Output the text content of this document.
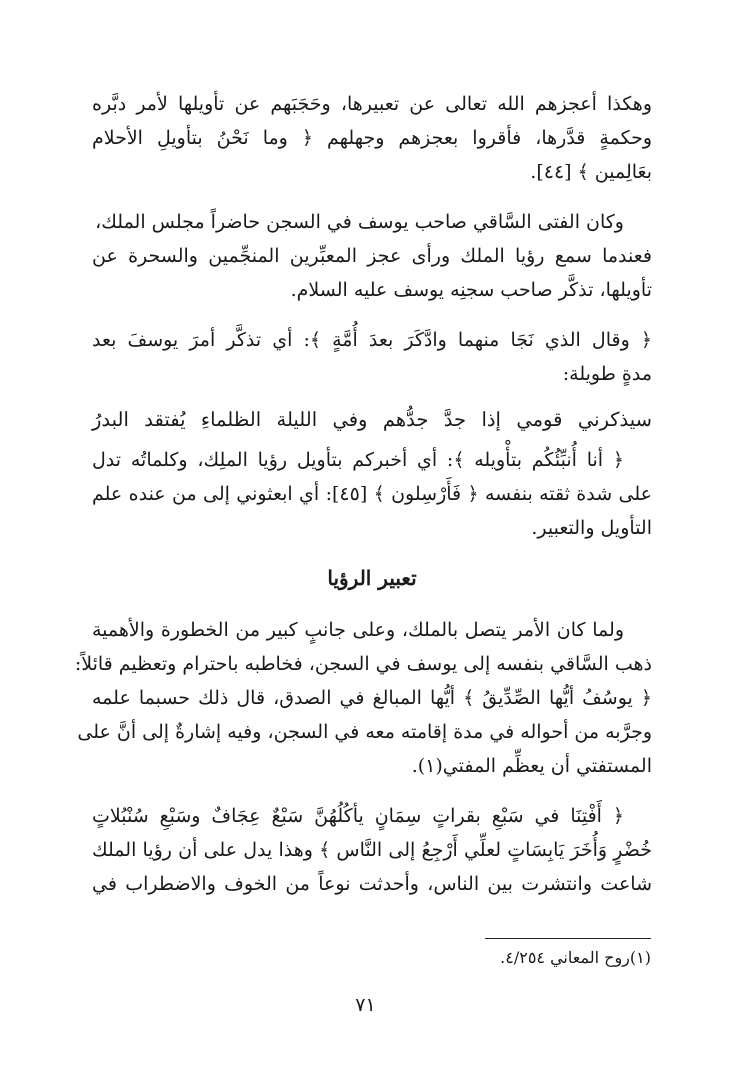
وهكذا أعجزهم الله تعالى عن تعبيرها، وحَجَبَهم عن تأويلها لأمر دبَّره
وحكمةٍ قدَّرها، فأقروا بعجزهم وجهلهم ﴿ وما نَحْنُ بتأويلِ الأحلام
بعَالِمين ﴾ [٤٤].
وكان الفتى السَّاقي صاحب يوسف في السجن حاضراً مجلس الملك،
فعندما سمع رؤيا الملك ورأى عجز المعبِّرين المنجِّمين والسحرة عن
تأويلها، تذكَّر صاحب سجنِه يوسف عليه السلام.
﴿ وقال الذي نَجَا منهما وادَّكَرَ بعدَ أُمَّةٍ ﴾: أي تذكَّر أمرَ يوسفَ بعد
مدةٍ طويلة:
سيذكرني قومي إذا جدَّ جدُّهم وفي الليلة الظلماءِ يُفتقد البدرُ
﴿ أنا أُنبِّئُكُم بتأْويله ﴾: أي أخبركم بتأويل رؤيا الملِك، وكلماتُه تدل
على شدة ثقته بنفسه ﴿ فَأَرْسِلون ﴾ [٤٥]: أي ابعثوني إلى من عنده علم
التأويل والتعبير.
تعبير الرؤيا
ولما كان الأمر يتصل بالملك، وعلى جانبٍ كبير من الخطورة والأهمية
ذهب السَّاقي بنفسه إلى يوسف في السجن، فخاطبه باحترام وتعظيم قائلاً:
﴿ يوسُفُ أيُّها الصِّدِّيقُ ﴾ أيُّها المبالغ في الصدق، قال ذلك حسبما علمه
وجرَّبه من أحواله في مدة إقامته معه في السجن، وفيه إشارةٌ إلى أنَّ على
المستفتي أن يعظِّم المفتي(١).
﴿ أَفْتِنَا في سَبْعِ بقراتٍ سِمَانٍ يأكُلُهُنَّ سَبْعٌ عِجَافٌ وسَبْعِ سُنْبُلاتٍ
خُضْرٍ وَأُخَرَ يَابِسَاتٍ لعلِّي أَرْجِعُ إلى النَّاس ﴾ وهذا يدل على أن رؤيا الملك
شاعت وانتشرت بين الناس، وأحدثت نوعاً من الخوف والاضطراب في
(١)روح المعاني ٤/٢٥٤.
٧١
